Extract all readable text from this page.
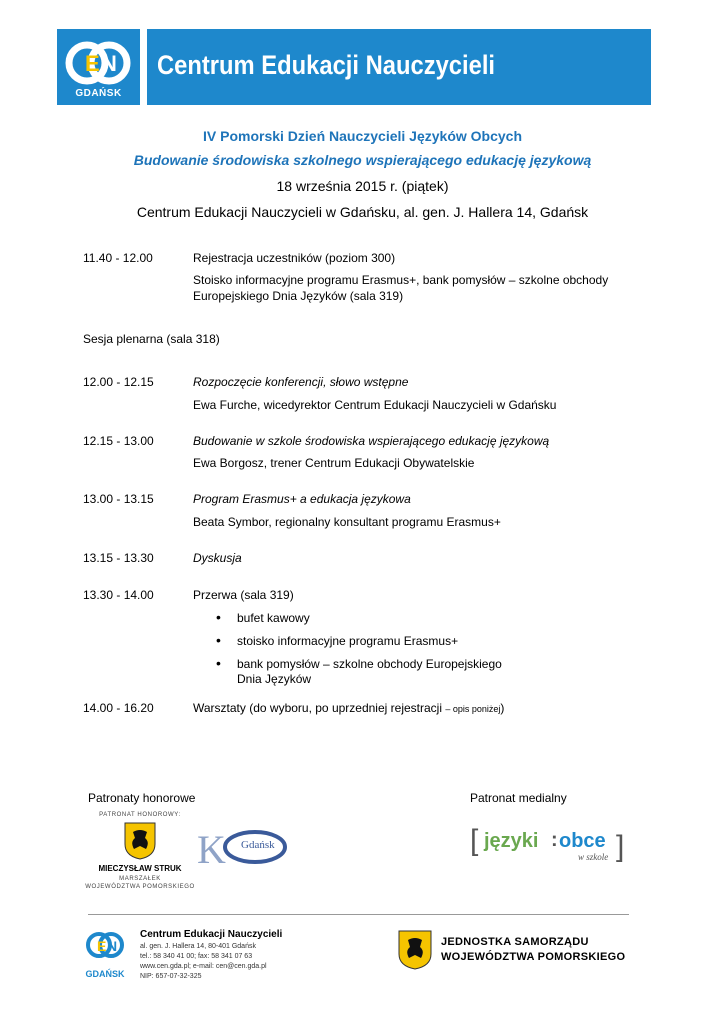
E N
GDAŃSK
Centrum Edukacji Nauczycieli
IV Pomorski Dzień Nauczycieli Języków Obcych
Budowanie środowiska szkolnego wspierającego edukację językową
18 września 2015 r. (piątek)
Centrum Edukacji Nauczycieli w Gdańsku, al. gen. J. Hallera 14, Gdańsk
11.40 - 12.00	Rejestracja uczestników (poziom 300)
Stoisko informacyjne programu Erasmus+, bank pomysłów – szkolne obchody
Europejskiego Dnia Języków (sala 319)
Sesja plenarna (sala 318)
12.00 - 12.15	Rozpoczęcie konferencji, słowo wstępne
Ewa Furche, wicedyrektor Centrum Edukacji Nauczycieli w Gdańsku
12.15 - 13.00	Budowanie w szkole środowiska wspierającego edukację językową
Ewa Borgosz, trener Centrum Edukacji Obywatelskie
13.00 - 13.15	Program Erasmus+ a edukacja językowa
Beata Symbor, regionalny konsultant programu Erasmus+
13.15 - 13.30	Dyskusja
13.30 - 14.00	Przerwa (sala 319)
• bufet kawowy
• stoisko informacyjne programu Erasmus+
• bank pomysłów – szkolne obchody Europejskiego
Dnia Języków
14.00 - 16.20	Warsztaty (do wyboru, po uprzedniej rejestracji – opis poniżej)
Patronaty honorowe	Patronat medialny
PATRONAT HONOROWY:
MIECZYSŁAW STRUK
MARSZAŁEK
WOJEWÓDZTWA POMORSKIEGO
K Gdańsk	[ języki : obce
w szkole ]
E N
GDAŃSK
Centrum Edukacji Nauczycieli
al. gen. J. Hallera 14, 80-401 Gdańsk
tel.: 58 340 41 00; fax: 58 341 07 63
www.cen.gda.pl; e-mail: cen@cen.gda.pl
NIP: 657-07-32-325
JEDNOSTKA SAMORZĄDU
WOJEWÓDZTWA POMORSKIEGO
